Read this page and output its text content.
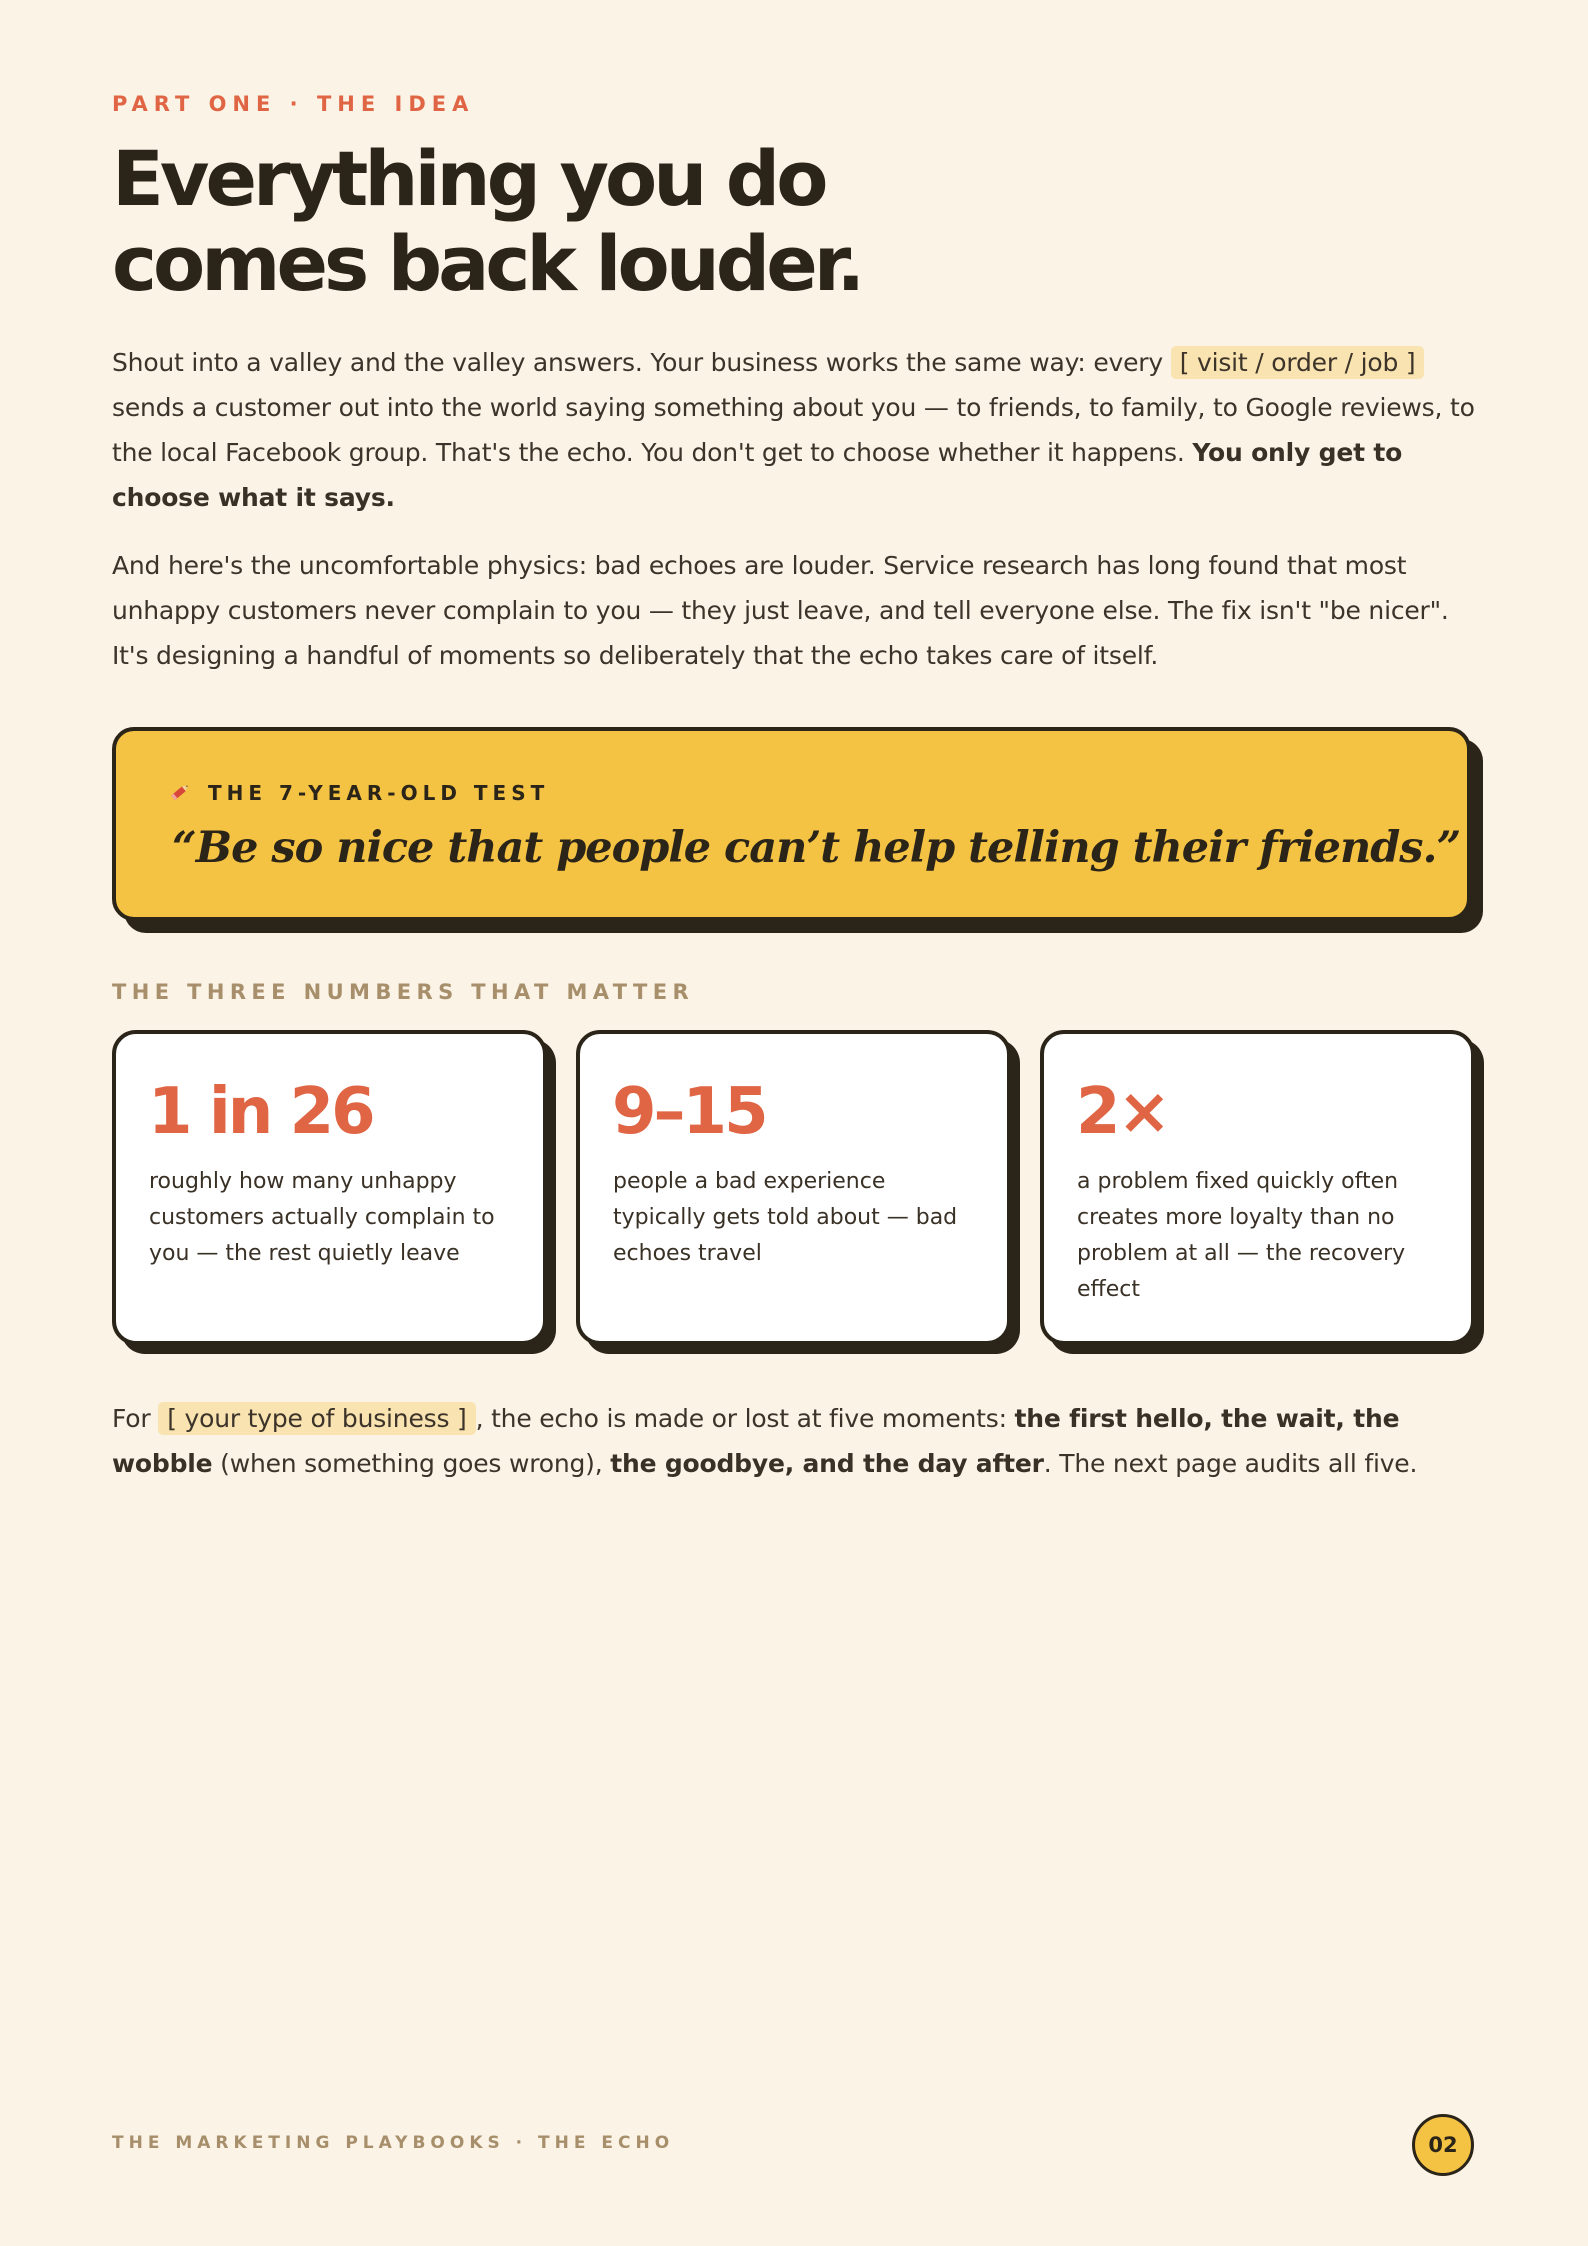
PART ONE · THE IDEA
Everything you do
comes back louder.

Shout into a valley and the valley answers. Your business works the same way: every [ visit / order / job ] sends a customer out into the world saying something about you — to friends, to family, to Google reviews, to the local Facebook group. That's the echo. You don't get to choose whether it happens. You only get to choose what it says.

And here's the uncomfortable physics: bad echoes are louder. Service research has long found that most unhappy customers never complain to you — they just leave, and tell everyone else. The fix isn't "be nicer". It's designing a handful of moments so deliberately that the echo takes care of itself.

THE 7-YEAR-OLD TEST
“Be so nice that people can’t help telling their friends.”
THE THREE NUMBERS THAT MATTER
1 in 26
roughly how many unhappy customers actually complain to you — the rest quietly leave
9–15
people a bad experience typically gets told about — bad echoes travel
2×
a problem fixed quickly often creates more loyalty than no problem at all — the recovery effect

For [ your type of business ] , the echo is made or lost at five moments: the first hello, the wait, the wobble (when something goes wrong), the goodbye, and the day after. The next page audits all five.

THE MARKETING PLAYBOOKS · THE ECHO	02
